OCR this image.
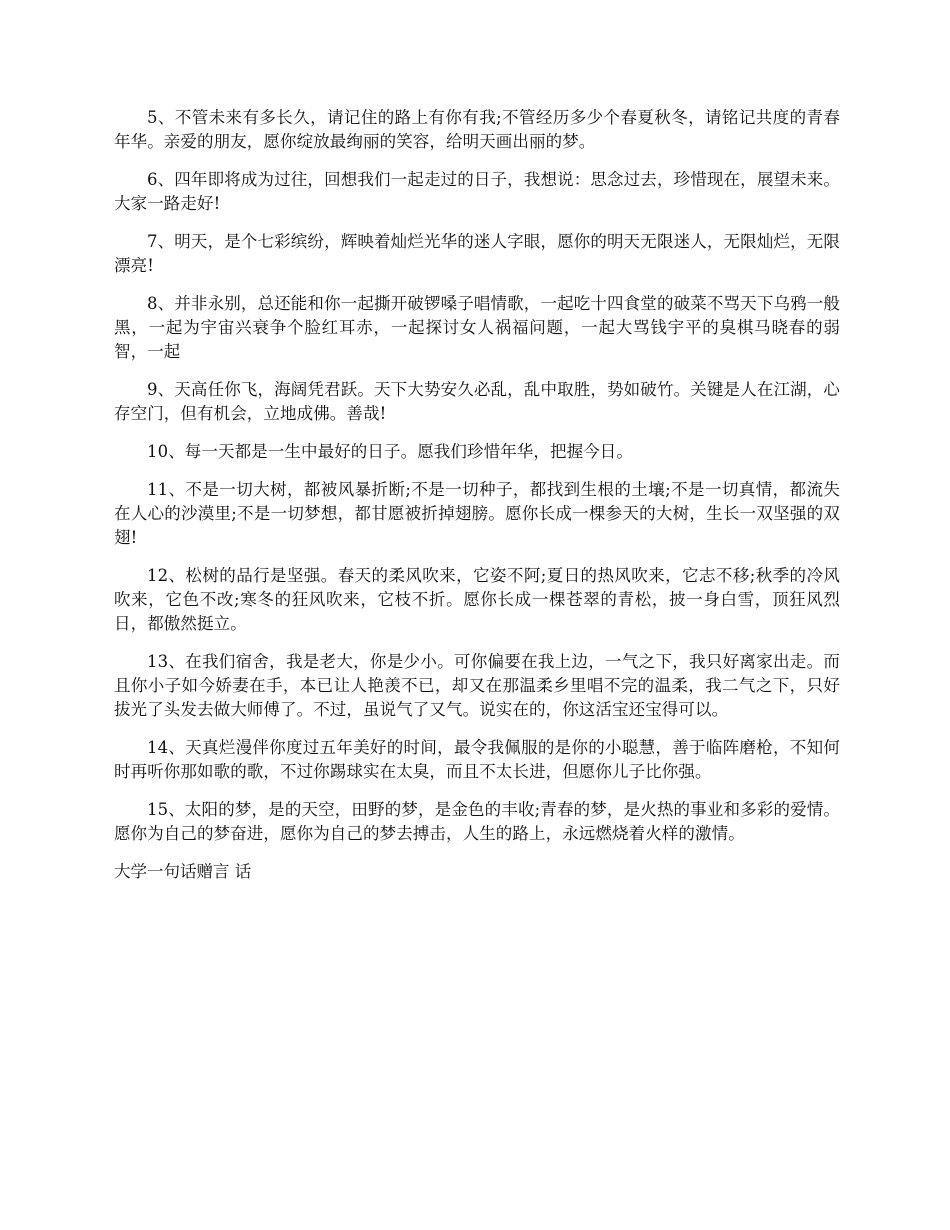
5、不管未来有多长久，请记住的路上有你有我;不管经历多少个春夏秋冬，请铭记共度的青春年华。亲爱的朋友，愿你绽放最绚丽的笑容，给明天画出丽的梦。

6、四年即将成为过往，回想我们一起走过的日子，我想说：思念过去，珍惜现在，展望未来。大家一路走好!

7、明天，是个七彩缤纷，辉映着灿烂光华的迷人字眼，愿你的明天无限迷人，无限灿烂，无限漂亮!

8、并非永别，总还能和你一起撕开破锣嗓子唱情歌，一起吃十四食堂的破菜不骂天下乌鸦一般黑，一起为宇宙兴衰争个脸红耳赤，一起探讨女人祸福问题，一起大骂钱宇平的臭棋马晓春的弱智，一起

9、天高任你飞，海阔凭君跃。天下大势安久必乱，乱中取胜，势如破竹。关键是人在江湖，心存空门，但有机会，立地成佛。善哉!

10、每一天都是一生中最好的日子。愿我们珍惜年华，把握今日。

11、不是一切大树，都被风暴折断;不是一切种子，都找到生根的土壤;不是一切真情，都流失在人心的沙漠里;不是一切梦想，都甘愿被折掉翅膀。愿你长成一棵参天的大树，生长一双坚强的双翅!

12、松树的品行是坚强。春天的柔风吹来，它姿不阿;夏日的热风吹来，它志不移;秋季的冷风吹来，它色不改;寒冬的狂风吹来，它枝不折。愿你长成一棵苍翠的青松，披一身白雪，顶狂风烈日，都傲然挺立。

13、在我们宿舍，我是老大，你是少小。可你偏要在我上边，一气之下，我只好离家出走。而且你小子如今娇妻在手，本已让人艳羡不已，却又在那温柔乡里唱不完的温柔，我二气之下，只好拔光了头发去做大师傅了。不过，虽说气了又气。说实在的，你这活宝还宝得可以。

14、天真烂漫伴你度过五年美好的时间，最令我佩服的是你的小聪慧，善于临阵磨枪，不知何时再听你那如歌的歌，不过你踢球实在太臭，而且不太长进，但愿你儿子比你强。

15、太阳的梦，是的天空，田野的梦，是金色的丰收;青春的梦，是火热的事业和多彩的爱情。愿你为自己的梦奋进，愿你为自己的梦去搏击，人生的路上，永远燃烧着火样的激情。

大学一句话赠言 话
